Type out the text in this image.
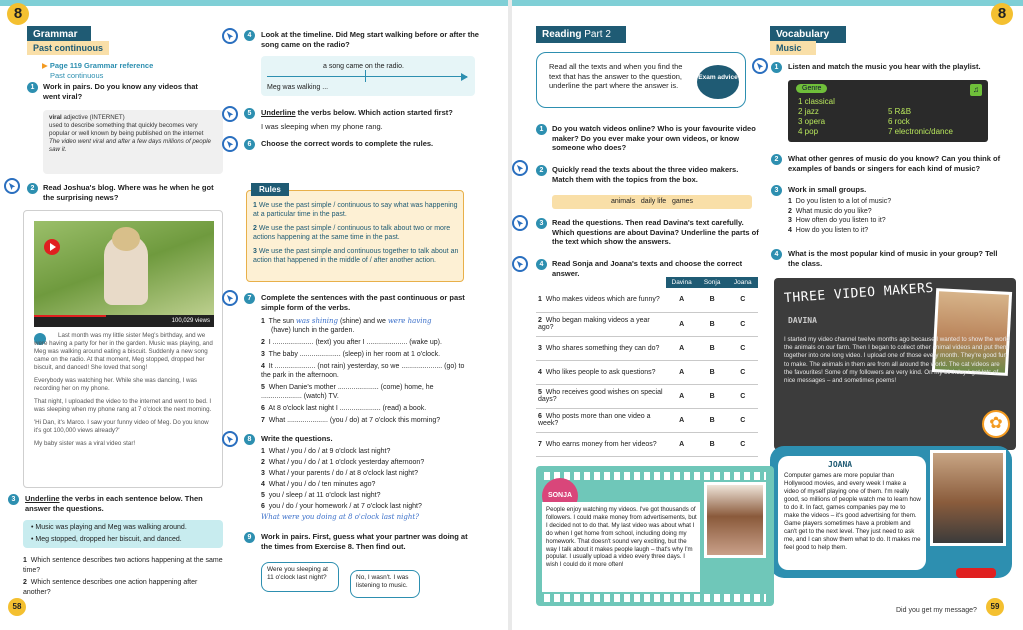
8
Grammar
Past continuous
▶ Page 119 Grammar reference
Past continuous
1	Work in pairs. Do you know any videos that went viral?
viral adjective (INTERNET)
used to describe something that quickly becomes very popular or well known by being published on the internet
The video went viral and after a few days millions of people saw it.
2	Read Joshua's blog. Where was he when he got the surprising news?
100,029 views

Last month was my little sister Meg's birthday, and we were having a party for her in the garden. Music was playing, and Meg was walking around eating a biscuit. Suddenly a new song came on the radio. At that moment, Meg stopped, dropped her biscuit, and danced! She loved that song!

Everybody was watching her. While she was dancing, I was recording her on my phone.

That night, I uploaded the video to the internet and went to bed. I was sleeping when my phone rang at 7 o'clock the next morning.

'Hi Dan, it's Marco. I saw your funny video of Meg. Do you know it's got 100,000 views already?'

My baby sister was a viral video star!

3	Underline the verbs in each sentence below. Then answer the questions.
• Music was playing and Meg was walking around.
• Meg stopped, dropped her biscuit, and danced.
1 Which sentence describes two actions happening at the same time?
2 Which sentence describes one action happening after another?
58
4	Look at the timeline. Did Meg start walking before or after the song came on the radio?
a song came on the radio.
Meg was walking ...
5	Underline the verbs below. Which action started first?
I was sleeping when my phone rang.
6	Choose the correct words to complete the rules.
Rules
1 We use the past simple / continuous to say what was happening at a particular time in the past.
2 We use the past simple / continuous to talk about two or more actions happening at the same time in the past.
3 We use the past simple and continuous together to talk about an action that happened in the middle of / after another action.
7	Complete the sentences with the past continuous or past simple form of the verbs.
1 The sun was shining (shine) and we were having
(have) lunch in the garden.
2 I ..................... (text) you after I ..................... (wake up).
3 The baby ..................... (sleep) in her room at 1 o'clock.
4 It ..................... (not rain) yesterday, so we ..................... (go) to the park in the afternoon.
5 When Danie's mother ..................... (come) home, he ..................... (watch) TV.
6 At 8 o'clock last night I ..................... (read) a book.
7 What ..................... (you / do) at 7 o'clock this morning?
8	Write the questions.
1 What / you / do / at 9 o'clock last night?
2 What / you / do / at 1 o'clock yesterday afternoon?
3 What / your parents / do / at 8 o'clock last night?
4 What / you / do / ten minutes ago?
5 you / sleep / at 11 o'clock last night?
6 you / do / your homework / at 7 o'clock last night?
What were you doing at 8 o'clock last night?
9	Work in pairs. First, guess what your partner was doing at the times from Exercise 8. Then find out.
Were you sleeping at 11 o'clock last night?	No, I wasn't. I was listening to music.
8
Reading Part 2
Read all the texts and when you find the text that has the answer to the question, underline the part where the answer is.
Exam advice
1	Do you watch videos online? Who is your favourite video maker? Do you ever make your own videos, or know someone who does?
2	Quickly read the texts about the three video makers. Match them with the topics from the box.
animals   daily life   games
3	Read the questions. Then read Davina's text carefully. Which questions are about Davina? Underline the parts of the text which show the answers.
4	Read Sonja and Joana's texts and choose the correct answer.
	Davina	Sonja	Joana
1 Who makes videos which are funny?	A	B	C
2 Who began making videos a year ago?	A	B	C
3 Who shares something they can do?	A	B	C
4 Who likes people to ask questions?	A	B	C
5 Who receives good wishes on special days?	A	B	C
6 Who posts more than one video a week?	A	B	C
7 Who earns money from her videos?	A	B	C
Vocabulary
Music
1	Listen and match the music you hear with the playlist.
Genre	♫
1 classical
2 jazz
3 opera
4 pop
5 R&B
6 rock
7 electronic/dance
2	What other genres of music do you know? Can you think of examples of bands or singers for each kind of music?
3	Work in small groups.
1 Do you listen to a lot of music?
2 What music do you like?
3 How often do you listen to it?
4 How do you listen to it?
4	What is the most popular kind of music in your group? Tell the class.
THREE VIDEO MAKERS
DAVINA
I started my video channel twelve months ago because I wanted to show the world the animals on our farm. Then I began to collect other animal videos and put them together into one long video. I upload one of those every month. They're good fun to make. The animals in them are from all around the world. The cat videos are the favourites! Some of my followers are very kind. On my birthday I get lots of nice messages – and sometimes poems!
✿
JOANA
Computer games are more popular than Hollywood movies, and every week I make a video of myself playing one of them. I'm really good, so millions of people watch me to learn how to do it. In fact, games companies pay me to make the videos – it's good advertising for them. Game players sometimes have a problem and can't get to the next level. They just need to ask me, and I can show them what to do. It makes me feel good to help them.
SONJA
People enjoy watching my videos. I've got thousands of followers. I could make money from advertisements, but I decided not to do that. My last video was about what I do when I get home from school, including doing my homework. That doesn't sound very exciting, but the way I talk about it makes people laugh – that's why I'm popular. I usually upload a video every three days. I wish I could do it more often!
Did you get my message?	59
